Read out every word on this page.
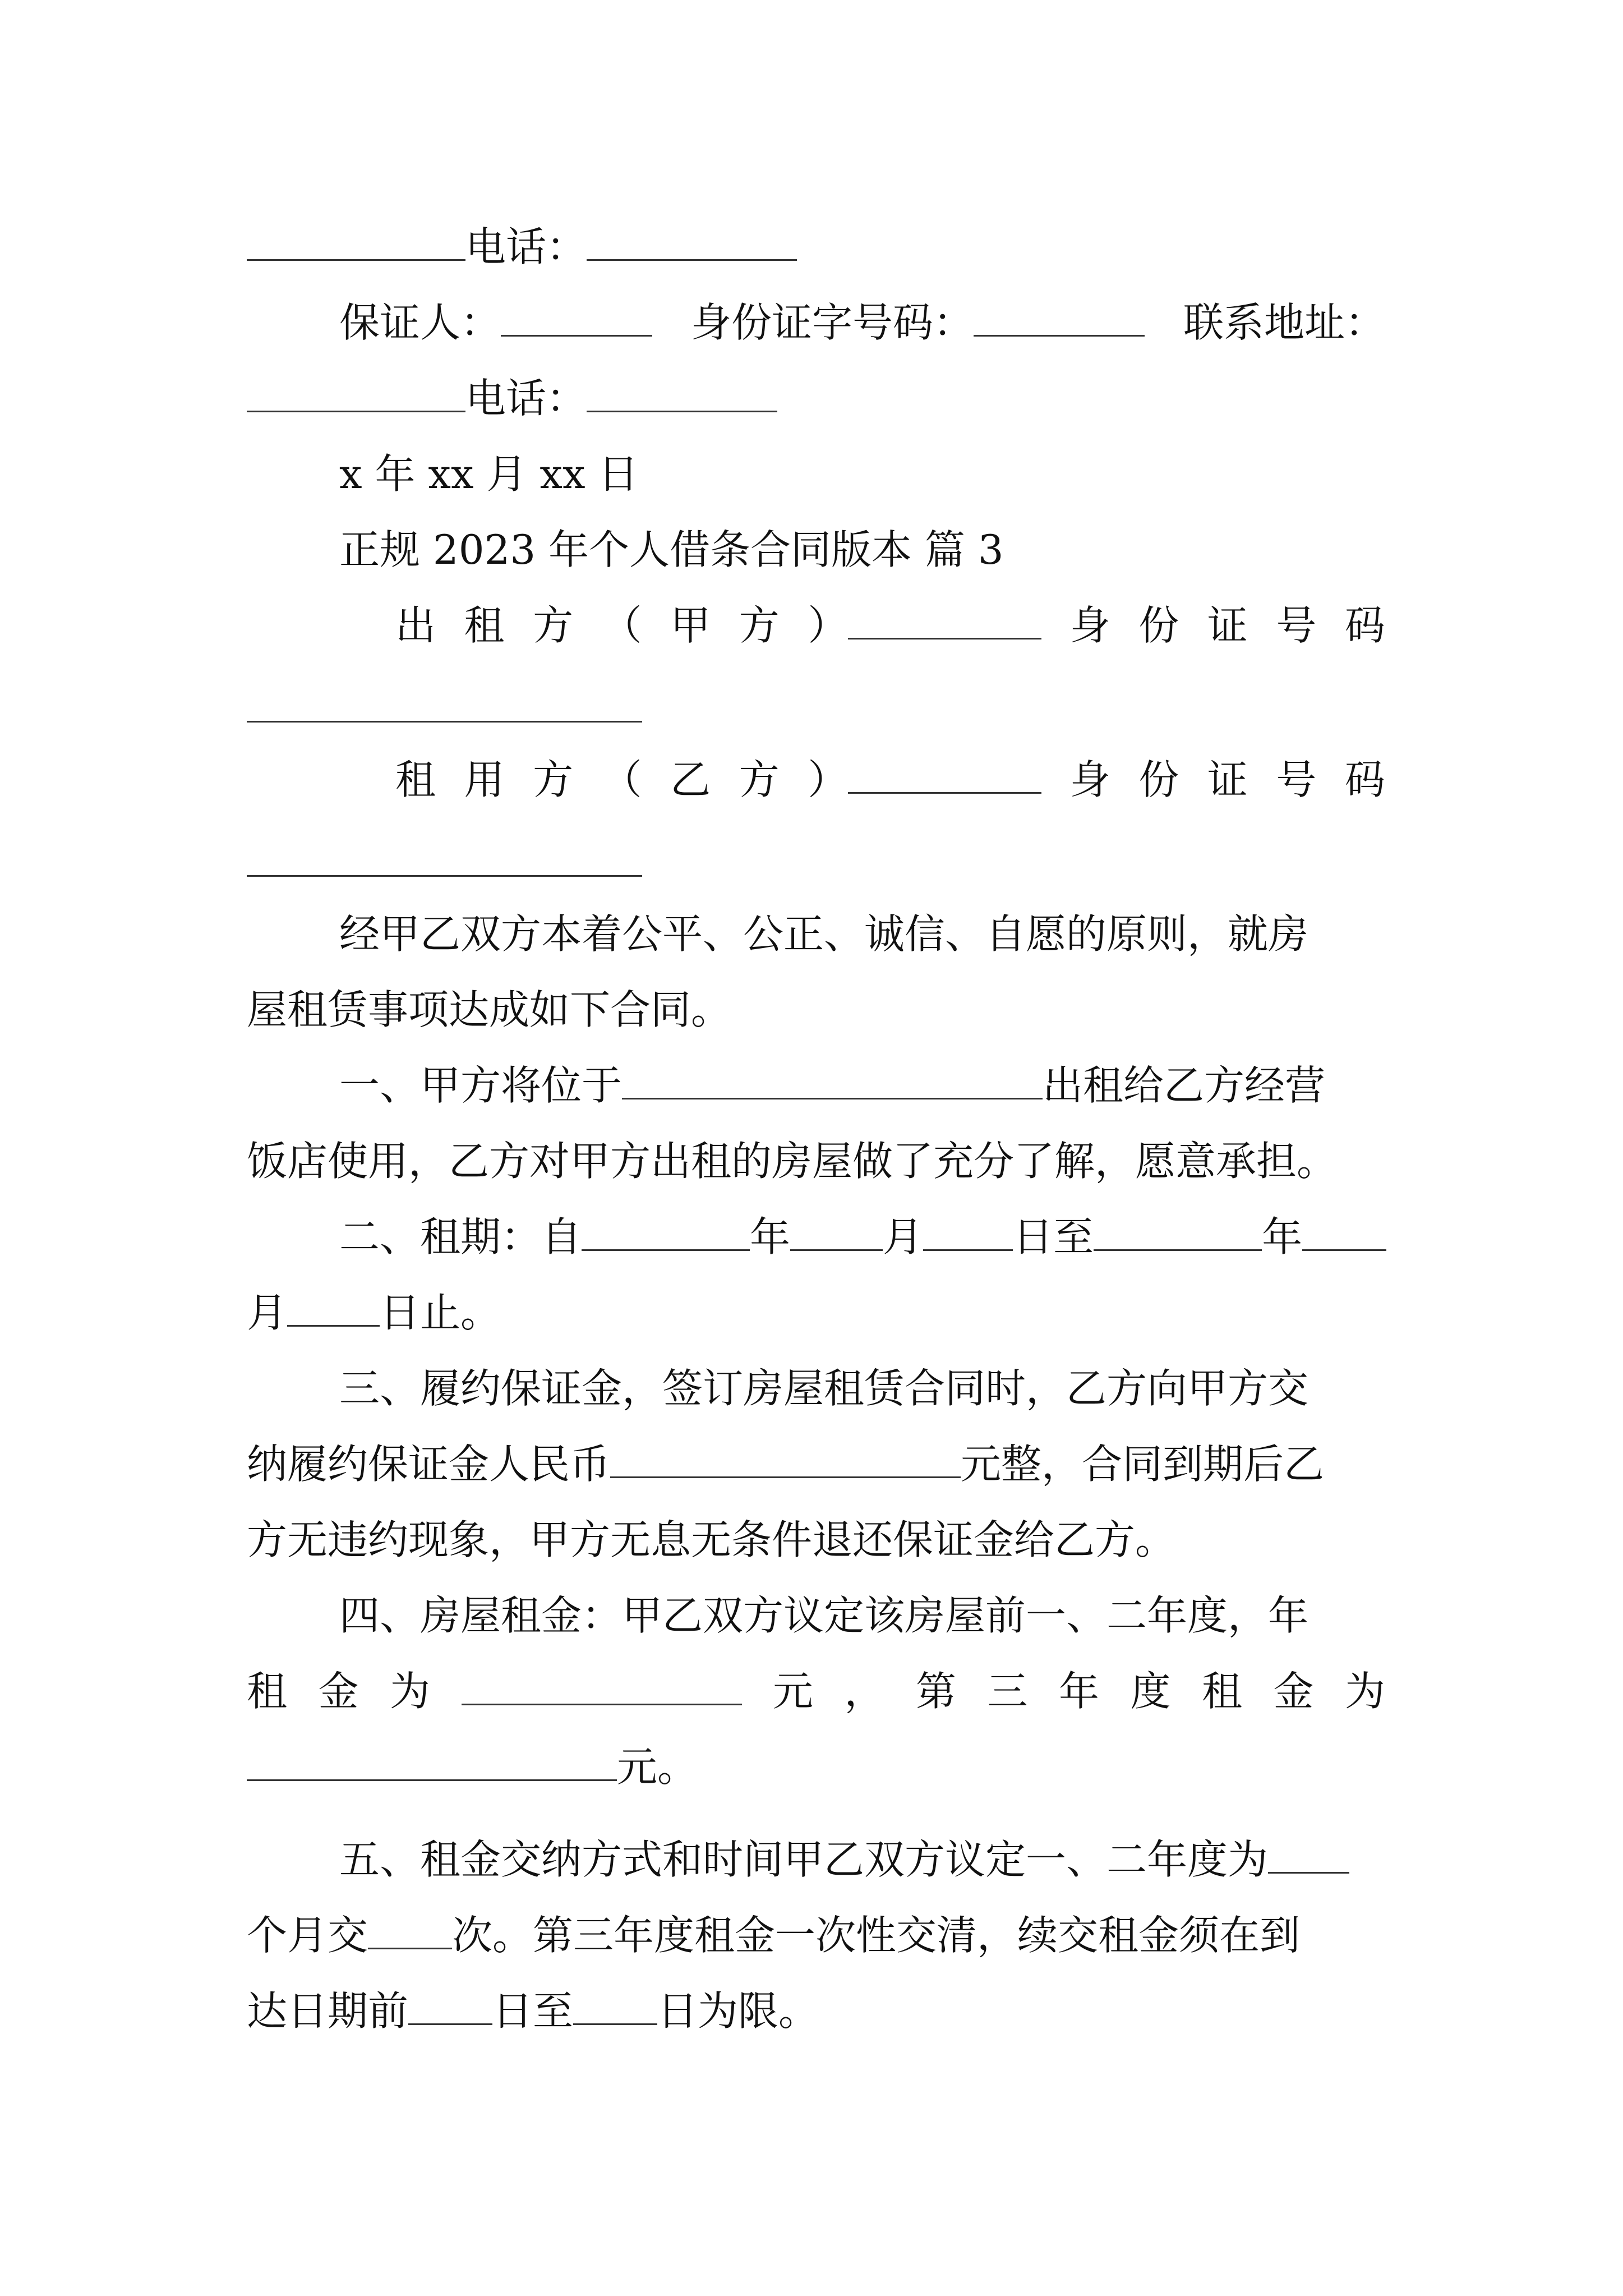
电话：
保证人：	身份证字号码：	联系地址：
电话：
x 年 xx 月 xx 日
正规 2023 年个人借条合同版本 篇 3
出 租 方 （ 甲 方 ）	身 份 证 号 码
租 用 方 （ 乙 方 ）	身 份 证 号 码
经甲乙双方本着公平、公正、诚信、自愿的原则，就房
屋租赁事项达成如下合同。
一、甲方将位于	出租给乙方经营
饭店使用，乙方对甲方出租的房屋做了充分了解，愿意承担。
二、租期：自	年 月 日至	年
月 日止。
三、履约保证金，签订房屋租赁合同时，乙方向甲方交
纳履约保证金人民币	元整，合同到期后乙
方无违约现象，甲方无息无条件退还保证金给乙方。
四、房屋租金：甲乙双方议定该房屋前一、二年度，年
租 金 为	元 ， 第 三 年 度 租 金 为
元。
五、租金交纳方式和时间甲乙双方议定一、二年度为
个月交 次。第三年度租金一次性交清，续交租金须在到
达日期前 日至 日为限。
